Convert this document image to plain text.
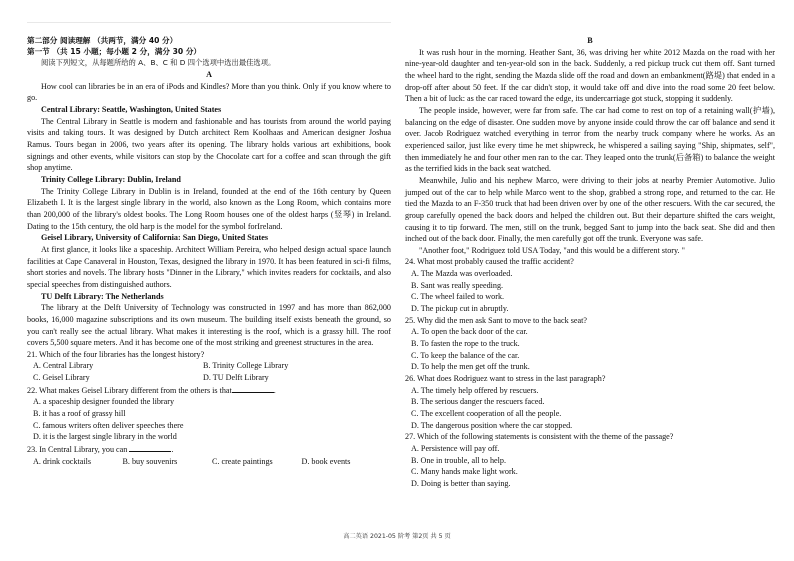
第二部分 阅读理解 （共两节，满分 40 分）

第一节 （共 15 小题；每小题 2 分，满分 30 分）

阅读下列短文，从每题所给的 A、B、C 和 D 四个选项中选出最佳选项。

A

How cool can libraries be in an era of iPods and Kindles? More than you think. Only if you know where to go.

Central Library: Seattle, Washington, United States

The Central Library in Seattle is modern and fashionable and has tourists from around the world paying visits and taking tours. It was designed by Dutch architect Rem Koolhaas and American designer Joshua Ramus. Tours began in 2006, two years after its opening. The library holds various art exhibitions, book signings and other events, while visitors can stop by the Chocolate cart for a coffee and scan through the gift shop anytime.

Trinity College Library: Dublin, Ireland

The Trinity College Library in Dublin is in Ireland, founded at the end of the 16th century by Queen Elizabeth I. It is the largest single library in the world, also known as the Long Room, which contains more than 200,000 of the library's oldest books. The Long Room houses one of the oldest harps (竖琴) in Ireland. Dating to the 15th century, the old harp is the model for the symbol forIreland.

Geisel Library, University of California: San Diego, United States

At first glance, it looks like a spaceship. Architect William Pereira, who helped design actual space launch facilities at Cape Canaveral in Houston, Texas, designed the library in 1970. It has been featured in sci-fi films, short stories and novels. The library hosts "Dinner in the Library," which invites readers for cocktails, and also special speeches from distinguished authors.

TU Delft Library: The Netherlands

The library at the Delft University of Technology was constructed in 1997 and has more than 862,000 books, 16,000 magazine subscriptions and its own museum. The building itself exists beneath the ground, so you can't really see the actual library. What makes it interesting is the roof, which is a grassy hill. The roof covers 5,500 square meters. And it has become one of the most striking and greenest structures in the area.

21. Which of the four libraries has the longest history?

A. Central Library	B. Trinity College Library
C. Geisel Library	D. TU Delft Library

22. What makes Geisel Library different from the others is that	.

A. a spaceship designer founded the library

B. it has a roof of grassy hill

C. famous writers often deliver speeches there

D. it is the largest single library in the world

23. In Central Library, you can	.

A. drink cocktails	B. buy souvenirs	C. create paintings	D. book events

B

It was rush hour in the morning. Heather Sant, 36, was driving her white 2012 Mazda on the road with her nine-year-old daughter and ten-year-old son in the back. Suddenly, a red pickup truck cut them off. Sant turned the wheel hard to the right, sending the Mazda slide off the road and down an embankment(路堤) that ended in a drop-off after about 50 feet. If the car didn't stop, it would take off and dive into the road some 20 feet below. Then a bit of luck: as the car raced toward the edge, its undercarriage got stuck, stopping it suddenly.

The people inside, however, were far from safe. The car had come to rest on top of a retaining wall(护墙), balancing on the edge of disaster. One sudden move by anyone inside could throw the car off balance and send it over. Jacob Rodriguez watched everything in terror from the nearby truck company where he works. As an experienced sailor, just like every time he met shipwreck, he whispered a sailing saying "Ship, shipmates, self", then immediately he and four other men ran to the car. They leaped onto the trunk(后备箱) to balance the weight as the terrified kids in the back seat watched.

Meanwhile, Julio and his nephew Marco, were driving to their jobs at nearby Premier Automotive. Julio jumped out of the car to help while Marco went to the shop, grabbed a strong rope, and returned to the car. He tied the Mazda to an F-350 truck that had been driven over by one of the other rescuers. With the car secured, the group carefully opened the back doors and helped the children out. But their departure shifted the cars weight, causing it to tip forward. The men, still on the trunk, begged Sant to jump into the back seat. She did and then inched out of the back door. Finally, the men carefully got off the trunk. Everyone was safe.

"Another foot," Rodriguez told USA Today, "and this would be a different story. "

24. What most probably caused the traffic accident?

A. The Mazda was overloaded.

B. Sant was really speeding.

C. The wheel failed to work.

D. The pickup cut in abruptly.

25. Why did the men ask Sant to move to the back seat?

A. To open the back door of the car.

B. To fasten the rope to the truck.

C. To keep the balance of the car.

D. To help the men get off the trunk.

26. What does Rodriguez want to stress in the last paragraph?

A. The timely help offered by rescuers.

B. The serious danger the rescuers faced.

C. The excellent cooperation of all the people.

D. The dangerous position where the car stopped.

27. Which of the following statements is consistent with the theme of the passage?

A. Persistence will pay off.

B. One in trouble, all to help.

C. Many hands make light work.

D. Doing is better than saying.

高二英语 2021-05 阶考 第2页 共 5 页
